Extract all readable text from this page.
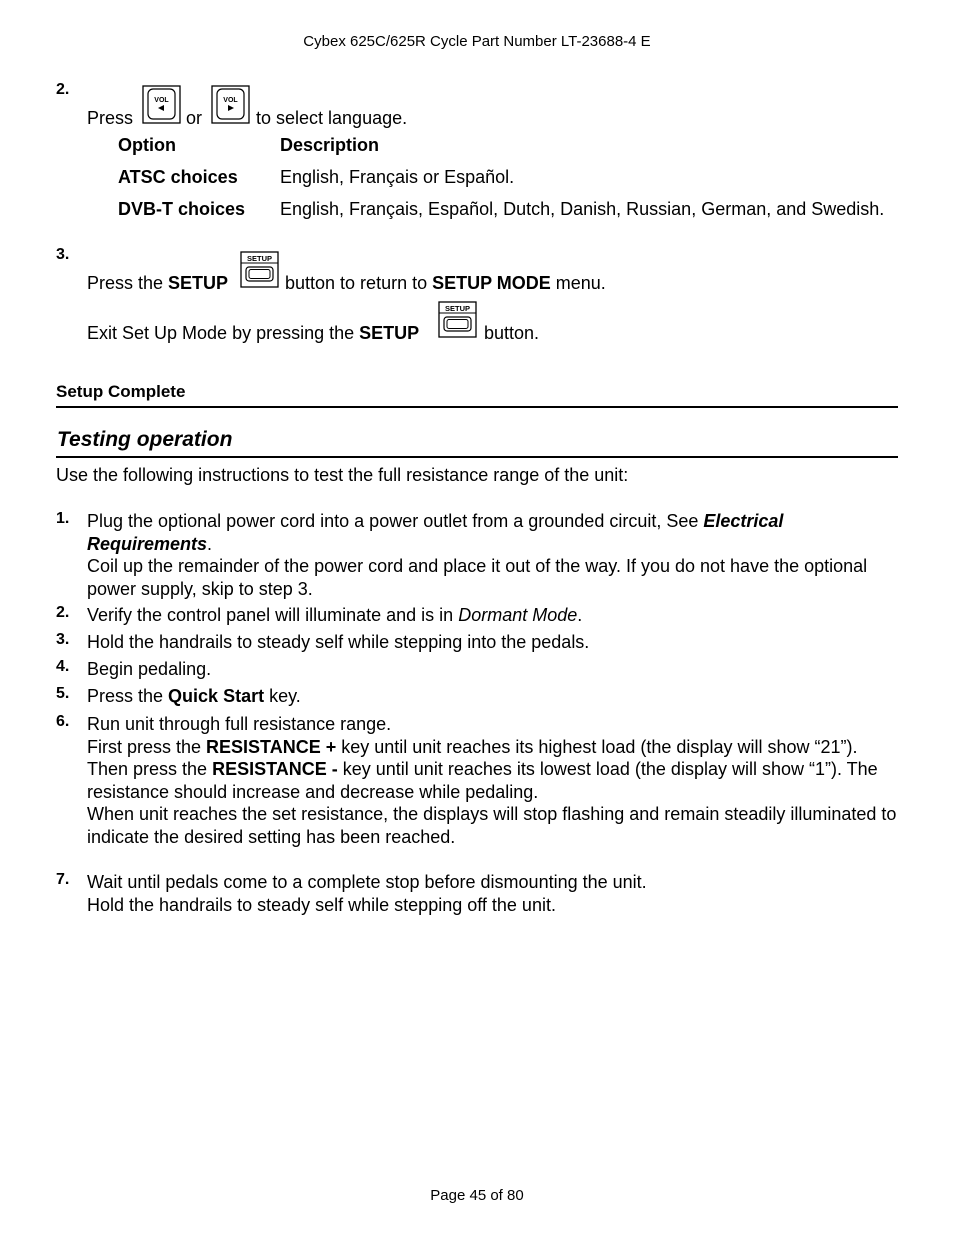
Cybex 625C/625R Cycle Part Number LT-23688-4 E
2.
Press
VOL
or
VOL
to select language.
Option	Description
ATSC choices English, Français or Español.
DVB-T choices English, Français, Español, Dutch, Danish, Russian, German, and Swedish.
3.
Press the SETUP
SETUP
button to return to SETUP MODE menu.
Exit Set Up Mode by pressing the SETUP
SETUP
button.
Setup Complete
Testing operation
Use the following instructions to test the full resistance range of the unit:
1. Plug the optional power cord into a power outlet from a grounded circuit, See Electrical Requirements.

Coil up the remainder of the power cord and place it out of the way. If you do not have the optional power supply, skip to step 3.

2. Verify the control panel will illuminate and is in Dormant Mode.

3. Hold the handrails to steady self while stepping into the pedals.

4. Begin pedaling.

5. Press the Quick Start key.

6. Run unit through full resistance range.

First press the RESISTANCE + key until unit reaches its highest load (the display will show “21”).

Then press the RESISTANCE - key until unit reaches its lowest load (the display will show “1”). The resistance should increase and decrease while pedaling.

When unit reaches the set resistance, the displays will stop flashing and remain steadily illuminated to indicate the desired setting has been reached.

7. Wait until pedals come to a complete stop before dismounting the unit.

Hold the handrails to steady self while stepping off the unit.

Page 45 of 80
